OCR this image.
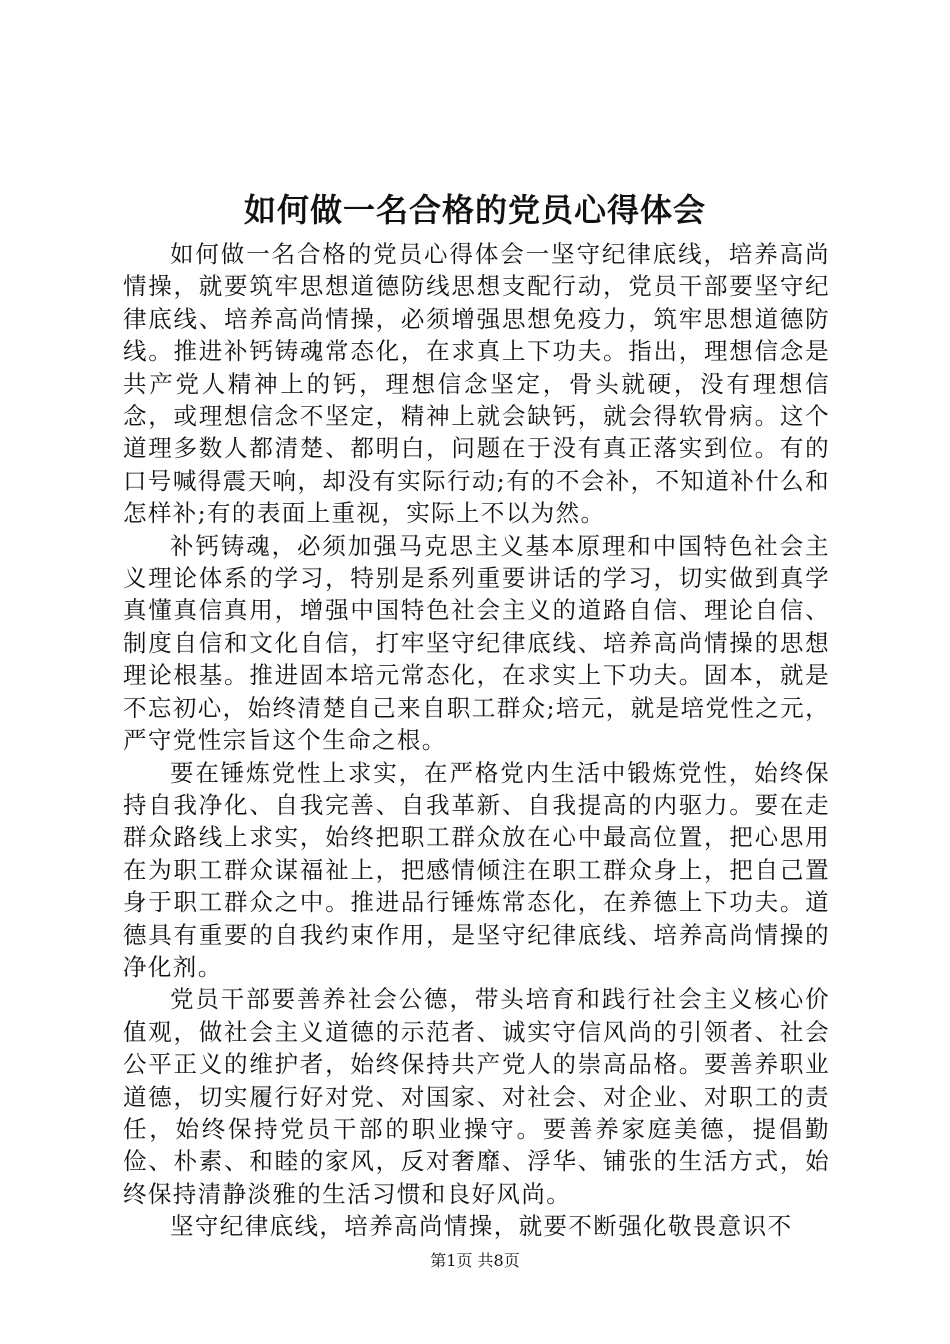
如何做一名合格的党员心得体会

如何做一名合格的党员心得体会一坚守纪律底线，培养高尚情操，就要筑牢思想道德防线思想支配行动，党员干部要坚守纪律底线、培养高尚情操，必须增强思想免疫力，筑牢思想道德防线。推进补钙铸魂常态化，在求真上下功夫。指出，理想信念是共产党人精神上的钙，理想信念坚定，骨头就硬，没有理想信念，或理想信念不坚定，精神上就会缺钙，就会得软骨病。这个道理多数人都清楚、都明白，问题在于没有真正落实到位。有的口号喊得震天响，却没有实际行动;有的不会补，不知道补什么和怎样补;有的表面上重视，实际上不以为然。

补钙铸魂，必须加强马克思主义基本原理和中国特色社会主义理论体系的学习，特别是系列重要讲话的学习，切实做到真学真懂真信真用，增强中国特色社会主义的道路自信、理论自信、制度自信和文化自信，打牢坚守纪律底线、培养高尚情操的思想理论根基。推进固本培元常态化，在求实上下功夫。固本，就是不忘初心，始终清楚自己来自职工群众;培元，就是培党性之元，严守党性宗旨这个生命之根。

要在锤炼党性上求实，在严格党内生活中锻炼党性，始终保持自我净化、自我完善、自我革新、自我提高的内驱力。要在走群众路线上求实，始终把职工群众放在心中最高位置，把心思用在为职工群众谋福祉上，把感情倾注在职工群众身上，把自己置身于职工群众之中。推进品行锤炼常态化，在养德上下功夫。道德具有重要的自我约束作用，是坚守纪律底线、培养高尚情操的净化剂。

党员干部要善养社会公德，带头培育和践行社会主义核心价值观，做社会主义道德的示范者、诚实守信风尚的引领者、社会公平正义的维护者，始终保持共产党人的崇高品格。要善养职业道德，切实履行好对党、对国家、对社会、对企业、对职工的责任，始终保持党员干部的职业操守。要善养家庭美德，提倡勤俭、朴素、和睦的家风，反对奢靡、浮华、铺张的生活方式，始终保持清静淡雅的生活习惯和良好风尚。

坚守纪律底线，培养高尚情操，就要不断强化敬畏意识不

第1页 共8页
